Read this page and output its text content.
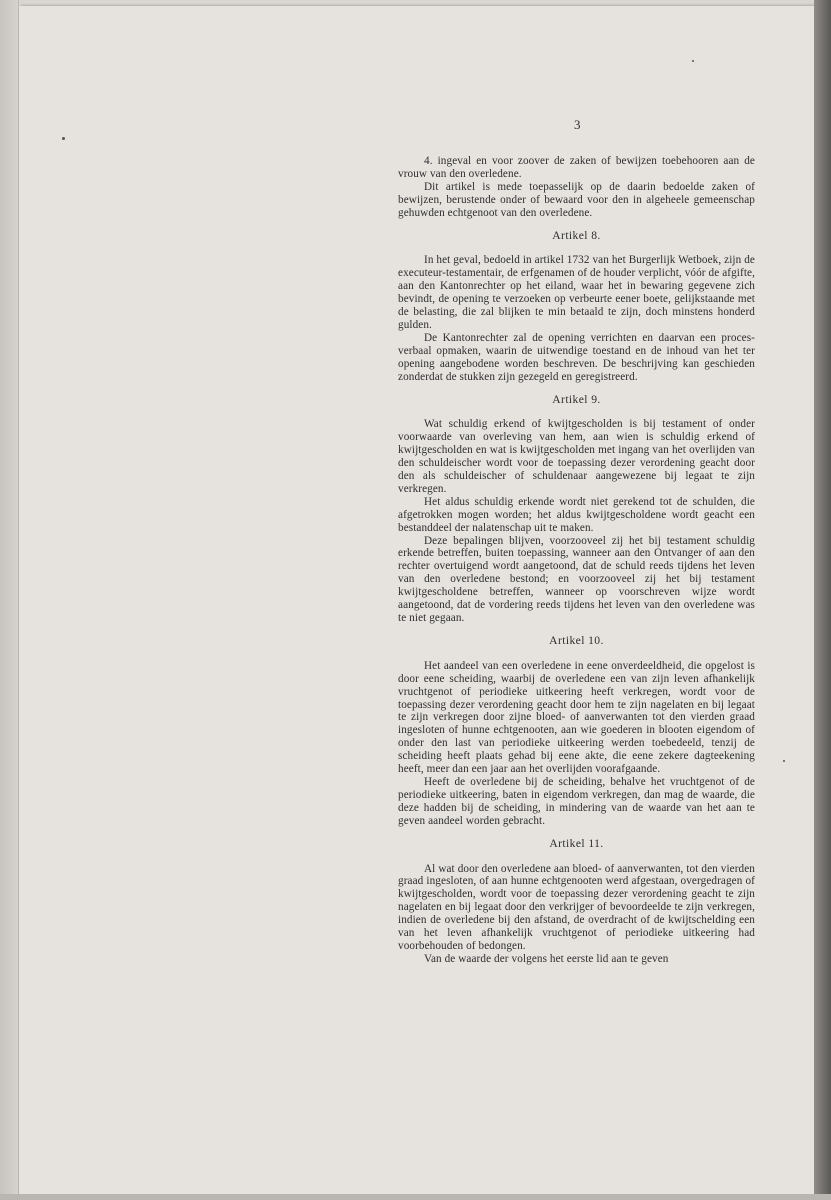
3

4. ingeval en voor zoover de zaken of bewijzen toebehooren aan de vrouw van den overledene.

Dit artikel is mede toepasselijk op de daarin bedoelde zaken of bewijzen, berustende onder of bewaard voor den in algeheele gemeenschap gehuwden echtgenoot van den overledene.

Artikel 8.

In het geval, bedoeld in artikel 1732 van het Burgerlijk Wetboek, zijn de executeur-testamentair, de erfgenamen of de houder verplicht, vóór de afgifte, aan den Kantonrechter op het eiland, waar het in bewaring gegevene zich bevindt, de opening te verzoeken op verbeurte eener boete, gelijkstaande met de belasting, die zal blijken te min betaald te zijn, doch minstens honderd gulden.

De Kantonrechter zal de opening verrichten en daarvan een proces-verbaal opmaken, waarin de uitwendige toestand en de inhoud van het ter opening aangebodene worden beschreven. De beschrijving kan geschieden zonderdat de stukken zijn gezegeld en geregistreerd.

Artikel 9.

Wat schuldig erkend of kwijtgescholden is bij testament of onder voorwaarde van overleving van hem, aan wien is schuldig erkend of kwijtgescholden en wat is kwijtgescholden met ingang van het overlijden van den schuldeischer wordt voor de toepassing dezer verordening geacht door den als schuldeischer of schuldenaar aangewezene bij legaat te zijn verkregen.

Het aldus schuldig erkende wordt niet gerekend tot de schulden, die afgetrokken mogen worden; het aldus kwijtgescholdene wordt geacht een bestanddeel der nalatenschap uit te maken.

Deze bepalingen blijven, voorzooveel zij het bij testament schuldig erkende betreffen, buiten toepassing, wanneer aan den Ontvanger of aan den rechter overtuigend wordt aangetoond, dat de schuld reeds tijdens het leven van den overledene bestond; en voorzooveel zij het bij testament kwijtgescholdene betreffen, wanneer op voorschreven wijze wordt aangetoond, dat de vordering reeds tijdens het leven van den overledene was te niet gegaan.

Artikel 10.

Het aandeel van een overledene in eene onverdeeldheid, die opgelost is door eene scheiding, waarbij de overledene een van zijn leven afhankelijk vruchtgenot of periodieke uitkeering heeft verkregen, wordt voor de toepassing dezer verordening geacht door hem te zijn nagelaten en bij legaat te zijn verkregen door zijne bloed- of aanverwanten tot den vierden graad ingesloten of hunne echtgenooten, aan wie goederen in blooten eigendom of onder den last van periodieke uitkeering werden toebedeeld, tenzij de scheiding heeft plaats gehad bij eene akte, die eene zekere dagteekening heeft, meer dan een jaar aan het overlijden voorafgaande.

Heeft de overledene bij de scheiding, behalve het vruchtgenot of de periodieke uitkeering, baten in eigendom verkregen, dan mag de waarde, die deze hadden bij de scheiding, in mindering van de waarde van het aan te geven aandeel worden gebracht.

Artikel 11.

Al wat door den overledene aan bloed- of aanverwanten, tot den vierden graad ingesloten, of aan hunne echtgenooten werd afgestaan, overgedragen of kwijtgescholden, wordt voor de toepassing dezer verordening geacht te zijn nagelaten en bij legaat door den verkrijger of bevoordeelde te zijn verkregen, indien de overledene bij den afstand, de overdracht of de kwijtschelding een van het leven afhankelijk vruchtgenot of periodieke uitkeering had voorbehouden of bedongen.

Van de waarde der volgens het eerste lid aan te geven
